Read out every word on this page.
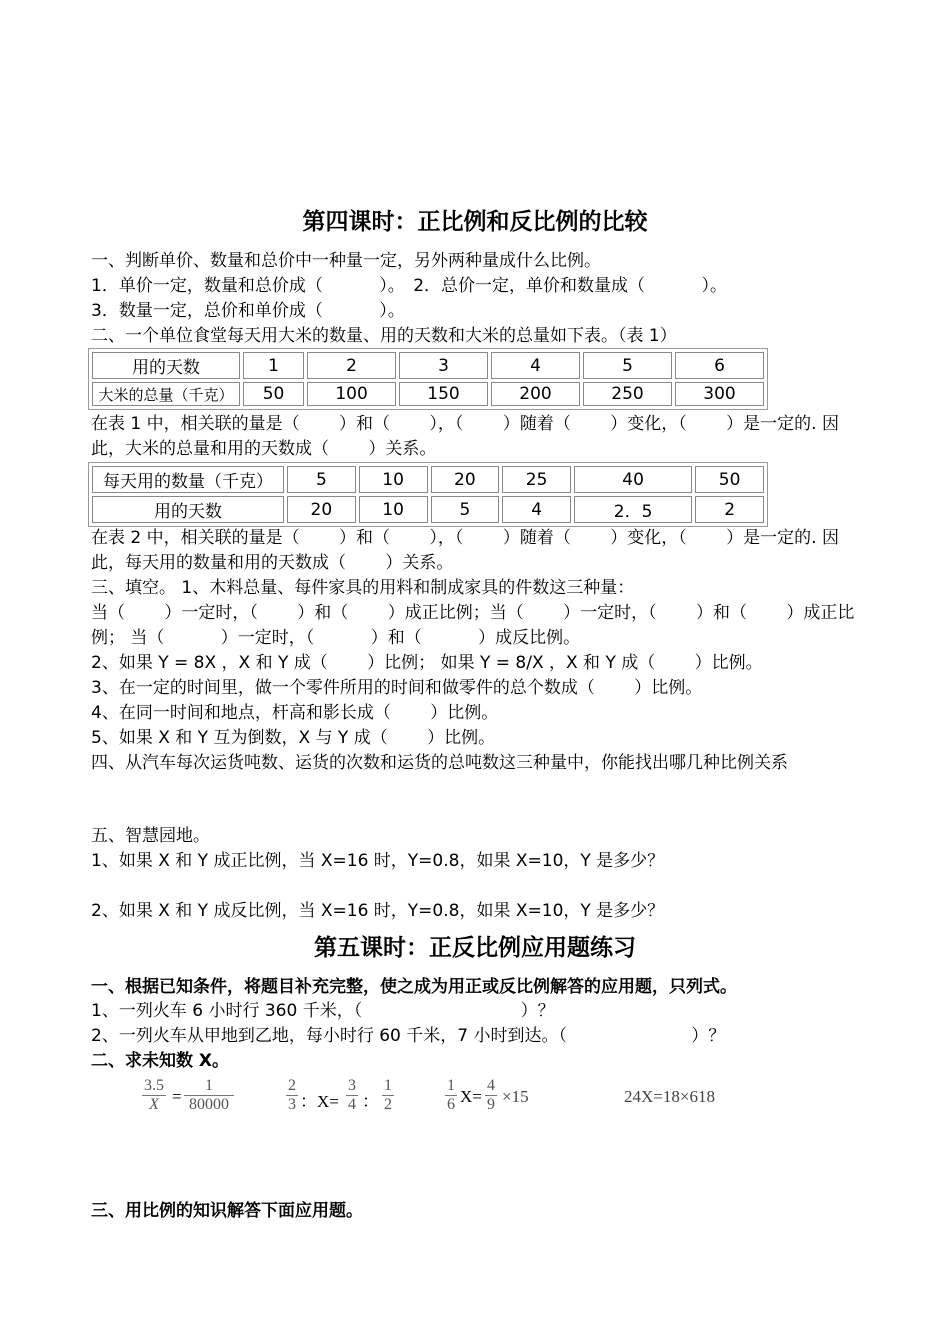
第四课时：正比例和反比例的比较
一、判断单价、数量和总价中一种量一定，另外两种量成什么比例。
1．单价一定，数量和总价成（　　　 ）。　2．总价一定，单价和数量成（　　　 ）。
3．数量一定，总价和单价成（　　　 ）。
二、一个单位食堂每天用大米的数量、用的天数和大米的总量如下表。（表 1）
用的天数	1	2	3	4	5	6
大米的总量（千克）	50	100	150	200	250	300
在表 1 中，相关联的量是（　　 ）和（　　 ），（　　 ）随着（　　 ）变化，（　　 ）是一定的. 因
此，大米的总量和用的天数成（　　 ）关系。
每天用的数量（千克）	5	10	20	25	40	50
用的天数	20	10	5	4	2．5	2
在表 2 中，相关联的量是（　　 ）和（　　 ），（　　 ）随着（　　 ）变化，（　　 ）是一定的. 因
此，每天用的数量和用的天数成（　　 ）关系。
三、填空。 1、木料总量、每件家具的用料和制成家具的件数这三种量：
当（　　 ）一定时，（　　 ）和（　　 ）成正比例；当（　　 ）一定时，（　　 ）和（　　 ）成正比
例； 当（　　　 ）一定时，（　　　 ）和（　　　 ）成反比例。
2、如果 Y = 8X ，X 和 Y 成（　　 ）比例； 如果 Y = 8/X ，X 和 Y 成（　　 ）比例。
3、在一定的时间里，做一个零件所用的时间和做零件的总个数成（　　 ）比例。
4、在同一时间和地点，杆高和影长成（　　 ）比例。
5、如果 X 和 Y 互为倒数，X 与 Y 成（　　 ）比例。
四、从汽车每次运货吨数、运货的次数和运货的总吨数这三种量中，你能找出哪几种比例关系
五、智慧园地。
1、如果 X 和 Y 成正比例，当 X=16 时，Y=0.8，如果 X=10，Y 是多少？
2、如果 X 和 Y 成反比例，当 X=16 时，Y=0.8，如果 X=10，Y 是多少？
第五课时：正反比例应用题练习
一、根据已知条件，将题目补充完整，使之成为用正或反比例解答的应用题，只列式。
1、一列火车 6 小时行 360 千米，（　　　　　　　　　 ）？
2、一列火车从甲地到乙地，每小时行 60 千米，7 小时到达。（　　　　　　　 ）？
二、求未知数 X。
$\frac{3.5}{X} = \frac{1}{80000}$	$\frac{2}{3}$ ：$X= \frac{3}{4}$ ： $\frac{1}{2}$	$\frac{1}{6} X= \frac{4}{9} \times 15$	24X=18×618
三、用比例的知识解答下面应用题。
